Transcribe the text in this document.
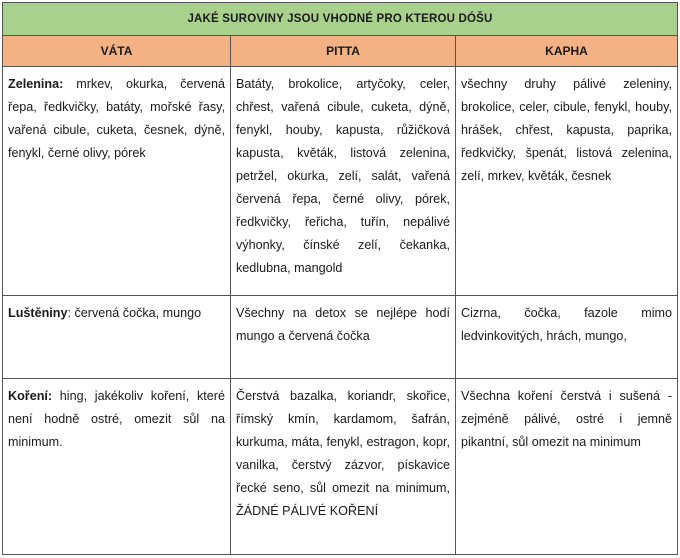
JAKÉ SUROVINY JSOU VHODNÉ PRO KTEROU DÓŠU		
VÁTA	PITTA	KAPHA

Zelenina: mrkev, okurka, červená řepa, ředkvičky, batáty, mořské řasy, vařená cibule, cuketa, česnek, dýně, fenykl, černé olivy, pórek	Batáty, brokolice, artyčoky, celer, chřest, vařená cibule, cuketa, dýně, fenykl, houby, kapusta, růžičková kapusta, květák, listová zelenina, petržel, okurka, zelí, salát, vařená červená řepa, černé olivy, pórek, ředkvičky, řeřicha, tuřín, nepálivé výhonky, čínské zelí, čekanka, kedlubna, mangold	všechny druhy pálivé zeleniny, brokolice, celer, cibule, fenykl, houby, hrášek, chřest, kapusta, paprika, ředkvičky, špenát, listová zelenina, zelí, mrkev, květák, česnek

Luštěniny: červená čočka, mungo	Všechny na detox se nejlépe hodí mungo a červená čočka	Cizrna, čočka, fazole mimo ledvinkovitých, hrách, mungo,

Koření: hing, jakékoliv koření, které není hodně ostré, omezit sůl na minimum.	Čerstvá bazalka, koriandr, skořice, římský kmín, kardamom, šafrán, kurkuma, máta, fenykl, estragon, kopr, vanilka, čerstvý zázvor, pískavice řecké seno, sůl omezit na minimum, ŽÁDNÉ PÁLIVÉ KOŘENÍ	Všechna koření čerstvá i sušená - zejméně pálivé, ostré i jemně pikantní, sůl omezit na minimum
